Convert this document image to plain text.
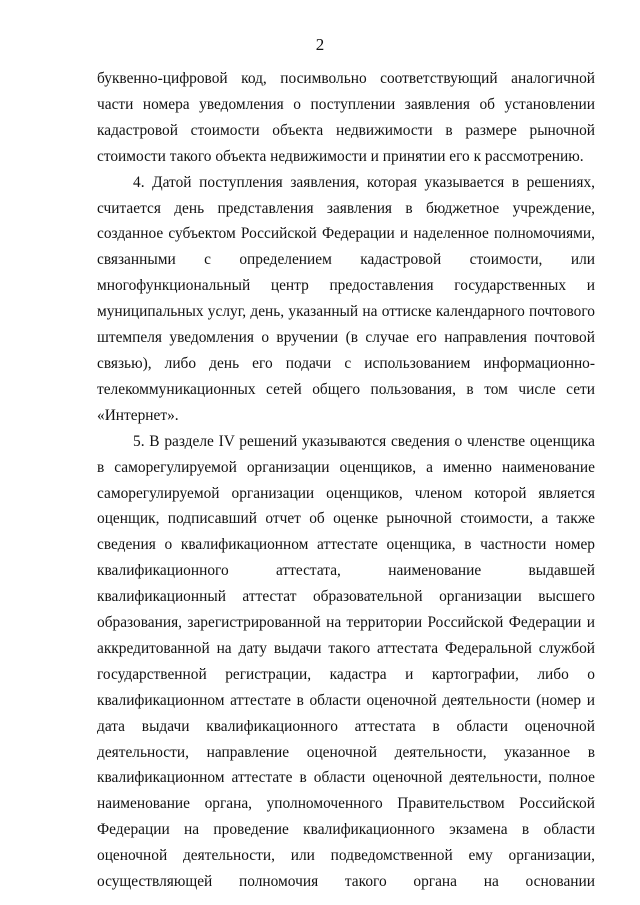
2

буквенно-цифровой код, посимвольно соответствующий аналогичной части номера уведомления о поступлении заявления об установлении кадастровой стоимости объекта недвижимости в размере рыночной стоимости такого объекта недвижимости и принятии его к рассмотрению.

4. Датой поступления заявления, которая указывается в решениях, считается день представления заявления в бюджетное учреждение, созданное субъектом Российской Федерации и наделенное полномочиями, связанными с определением кадастровой стоимости, или многофункциональный центр предоставления государственных и муниципальных услуг, день, указанный на оттиске календарного почтового штемпеля уведомления о вручении (в случае его направления почтовой связью), либо день его подачи с использованием информационно-телекоммуникационных сетей общего пользования, в том числе сети «Интернет».

5. В разделе IV решений указываются сведения о членстве оценщика в саморегулируемой организации оценщиков, а именно наименование саморегулируемой организации оценщиков, членом которой является оценщик, подписавший отчет об оценке рыночной стоимости, а также сведения о квалификационном аттестате оценщика, в частности номер квалификационного аттестата, наименование выдавшей квалификационный аттестат образовательной организации высшего образования, зарегистрированной на территории Российской Федерации и аккредитованной на дату выдачи такого аттестата Федеральной службой государственной регистрации, кадастра и картографии, либо о квалификационном аттестате в области оценочной деятельности (номер и дата выдачи квалификационного аттестата в области оценочной деятельности, направление оценочной деятельности, указанное в квалификационном аттестате в области оценочной деятельности, полное наименование органа, уполномоченного Правительством Российской Федерации на проведение квалификационного экзамена в области оценочной деятельности, или подведомственной ему организации, осуществляющей полномочия такого органа на основании
